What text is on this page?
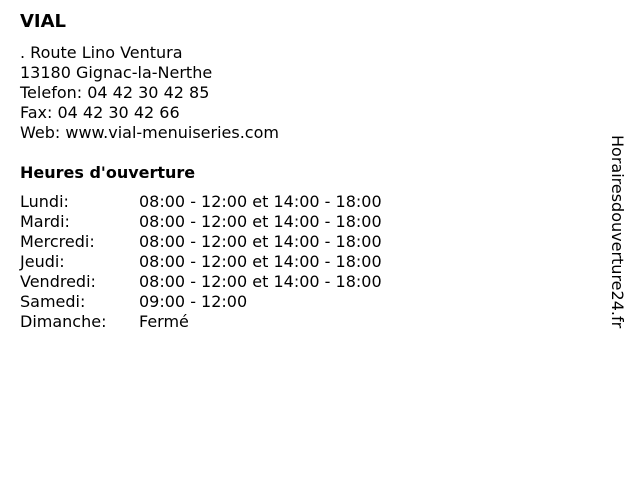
VIAL
. Route Lino Ventura
13180 Gignac-la-Nerthe
Telefon: 04 42 30 42 85
Fax: 04 42 30 42 66
Web: www.vial-menuiseries.com
Heures d'ouverture
Lundi:	08:00 - 12:00 et 14:00 - 18:00
Mardi:	08:00 - 12:00 et 14:00 - 18:00
Mercredi:	08:00 - 12:00 et 14:00 - 18:00
Jeudi:	08:00 - 12:00 et 14:00 - 18:00
Vendredi:	08:00 - 12:00 et 14:00 - 18:00
Samedi:	09:00 - 12:00
Dimanche:	Fermé	Horairesdouverture24.fr
